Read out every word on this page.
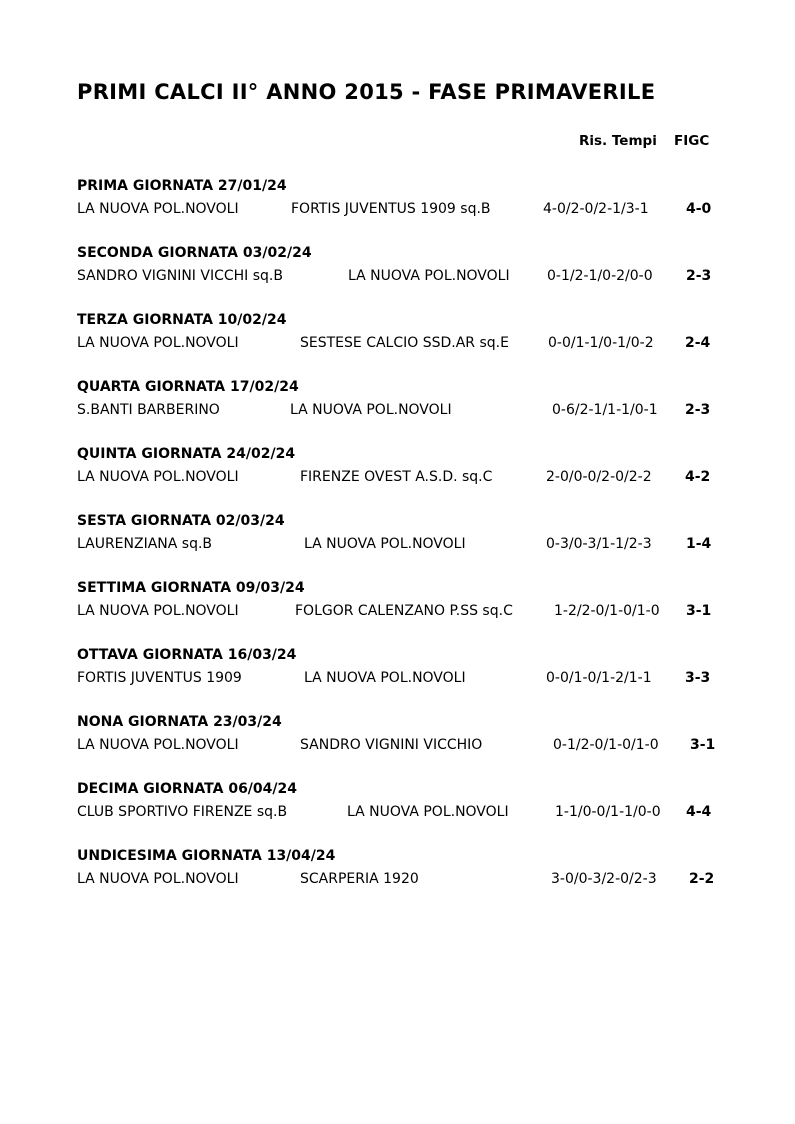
PRIMI CALCI II° ANNO 2015 - FASE PRIMAVERILE
Ris. Tempi FIGC
PRIMA GIORNATA 27/01/24
LA NUOVA POL.NOVOLI	FORTIS JUVENTUS 1909 sq.B	4-0/2-0/2-1/3-1	4-0
SECONDA GIORNATA 03/02/24
SANDRO VIGNINI VICCHI sq.B	LA NUOVA POL.NOVOLI	0-1/2-1/0-2/0-0 2-3
TERZA GIORNATA 10/02/24
LA NUOVA POL.NOVOLI	SESTESE CALCIO SSD.AR sq.E	0-0/1-1/0-1/0-2 2-4
QUARTA GIORNATA 17/02/24
S.BANTI BARBERINO	LA NUOVA POL.NOVOLI	0-6/2-1/1-1/0-1 2-3
QUINTA GIORNATA 24/02/24
LA NUOVA POL.NOVOLI	FIRENZE OVEST A.S.D. sq.C	2-0/0-0/2-0/2-2 4-2
SESTA GIORNATA 02/03/24
LAURENZIANA sq.B	LA NUOVA POL.NOVOLI	0-3/0-3/1-1/2-3 1-4
SETTIMA GIORNATA 09/03/24
LA NUOVA POL.NOVOLI	FOLGOR CALENZANO P.SS sq.C	1-2/2-0/1-0/1-0 3-1
OTTAVA GIORNATA 16/03/24
FORTIS JUVENTUS 1909	LA NUOVA POL.NOVOLI	0-0/1-0/1-2/1-1 3-3
NONA GIORNATA 23/03/24
LA NUOVA POL.NOVOLI	SANDRO VIGNINI VICCHIO	0-1/2-0/1-0/1-0 3-1
DECIMA GIORNATA 06/04/24
CLUB SPORTIVO FIRENZE sq.B	LA NUOVA POL.NOVOLI	1-1/0-0/1-1/0-0 4-4
UNDICESIMA GIORNATA 13/04/24
LA NUOVA POL.NOVOLI	SCARPERIA 1920	3-0/0-3/2-0/2-3 2-2
